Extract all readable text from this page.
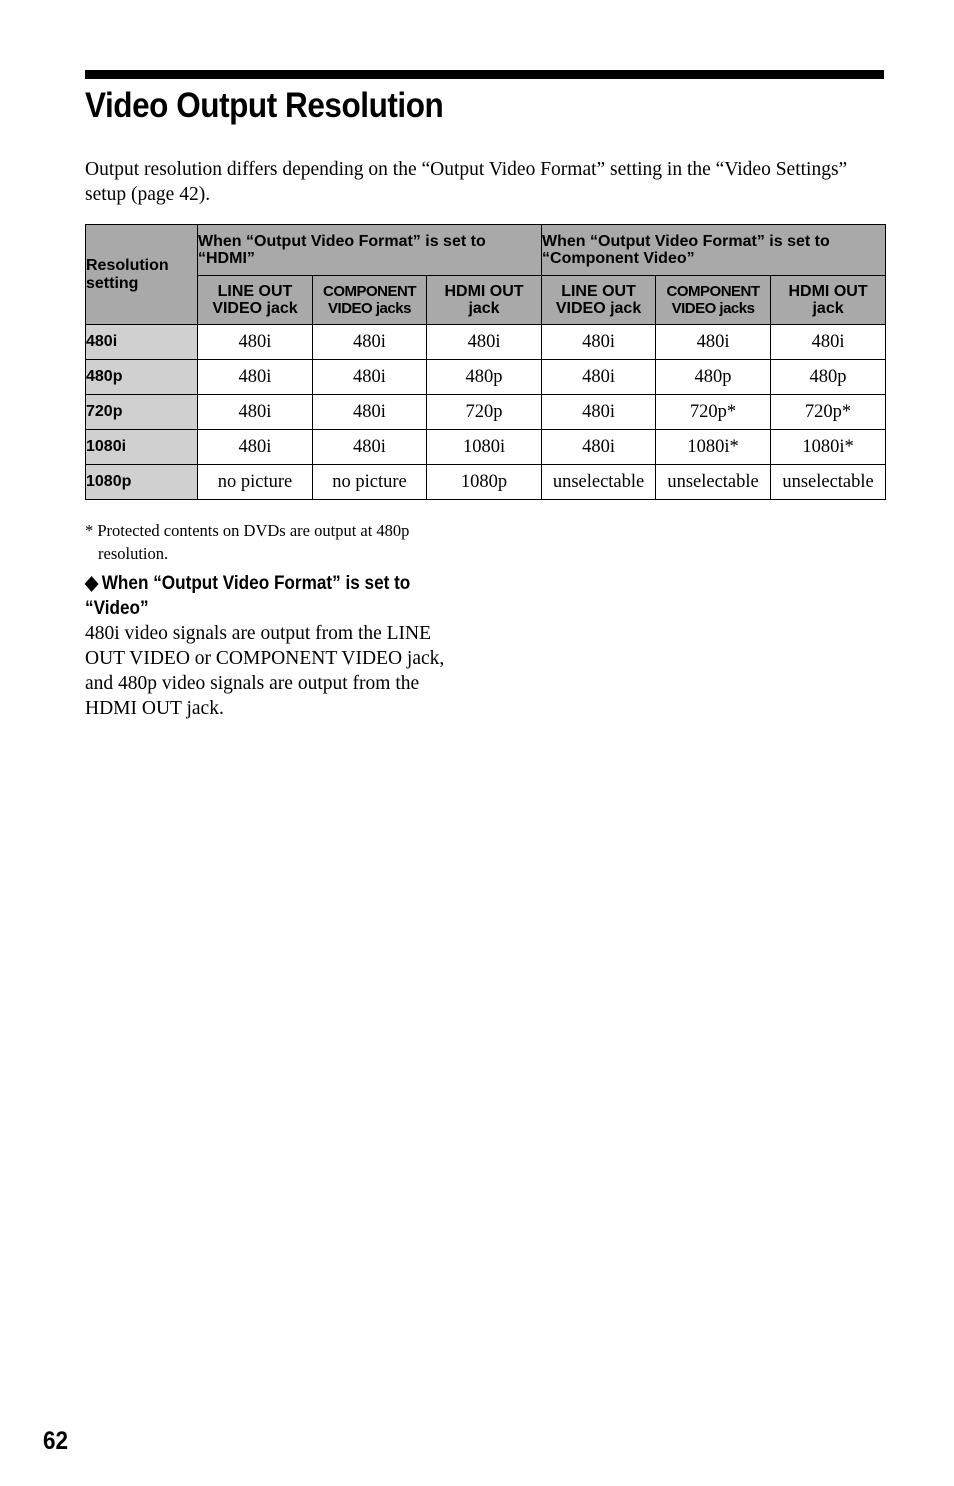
Video Output Resolution

Output resolution differs depending on the “Output Video Format” setting in the “Video Settings” setup (page 42).

Resolution setting	When “Output Video Format” is set to “HDMI”			When “Output Video Format” is set to “Component Video”		
	LINE OUT VIDEO jack	COMPONENT VIDEO jacks	HDMI OUT jack	LINE OUT VIDEO jack	COMPONENT VIDEO jacks	HDMI OUT jack
480i	480i	480i	480i	480i	480i	480i
480p	480i	480i	480p	480i	480p	480p
720p	480i	480i	720p	480i	720p*	720p*
1080i	480i	480i	1080i	480i	1080i*	1080i*
1080p	no picture	no picture	1080p	unselectable	unselectable	unselectable

* Protected contents on DVDs are output at 480p resolution.

◆ When “Output Video Format” is set to
“Video”

480i video signals are output from the LINE OUT VIDEO or COMPONENT VIDEO jack, and 480p video signals are output from the HDMI OUT jack.

62
